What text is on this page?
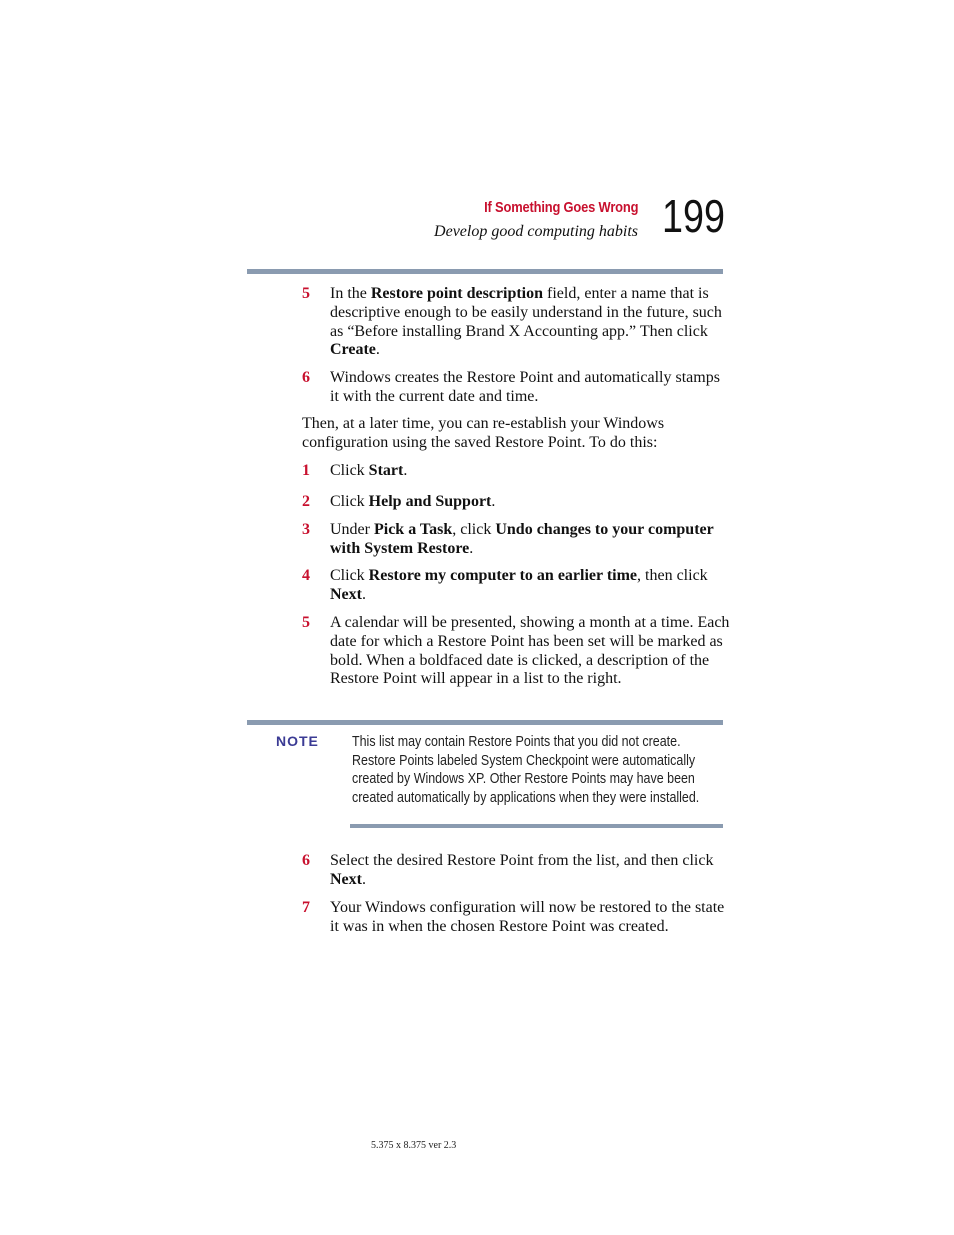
If Something Goes Wrong
Develop good computing habits 199
5 In the Restore point description field, enter a name that is descriptive enough to be easily understand in the future, such as “Before installing Brand X Accounting app.” Then click Create.
6 Windows creates the Restore Point and automatically stamps it with the current date and time.
Then, at a later time, you can re-establish your Windows configuration using the saved Restore Point. To do this:
1 Click Start.
2 Click Help and Support.
3 Under Pick a Task, click Undo changes to your computer with System Restore.
4 Click Restore my computer to an earlier time, then click Next.
5 A calendar will be presented, showing a month at a time. Each date for which a Restore Point has been set will be marked as bold. When a boldfaced date is clicked, a description of the Restore Point will appear in a list to the right.
NOTE This list may contain Restore Points that you did not create. Restore Points labeled System Checkpoint were automatically created by Windows XP. Other Restore Points may have been created automatically by applications when they were installed.
6 Select the desired Restore Point from the list, and then click Next.
7 Your Windows configuration will now be restored to the state it was in when the chosen Restore Point was created.
5.375 x 8.375 ver 2.3
